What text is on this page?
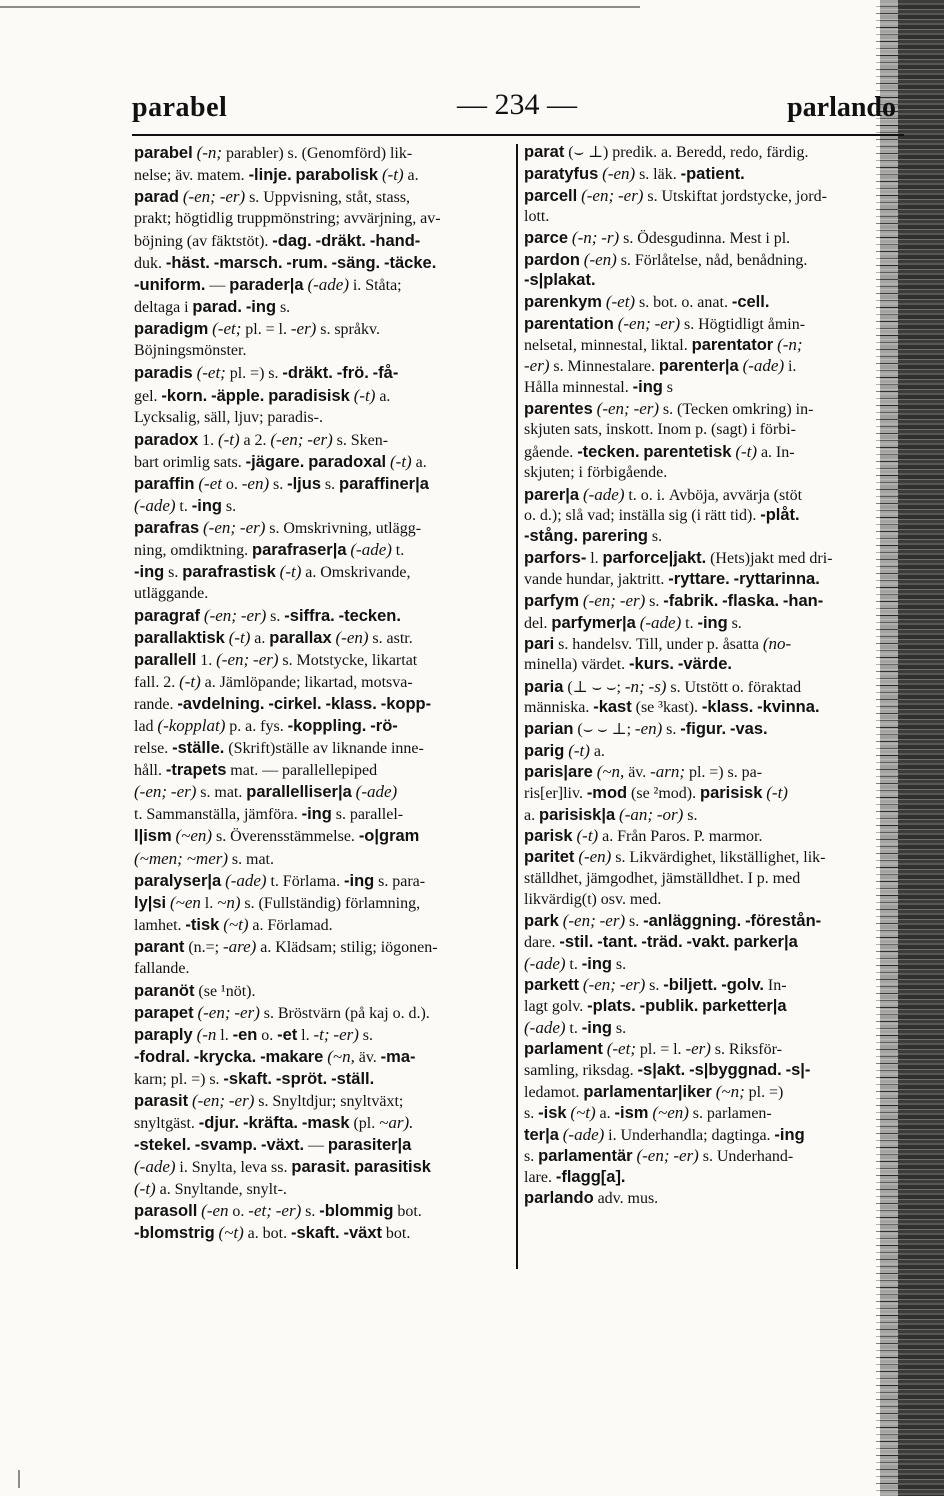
parabel	— 234 —	parlando
parabel (-n; parabler) s. (Genomförd) lik-
nelse; äv. matem. -linje. parabolisk (-t) a.
parad (-en; -er) s. Uppvisning, ståt, stass,
prakt; högtidlig truppmönstring; avvärjning, av-
böjning (av fäktstöt). -dag. -dräkt. -hand-
duk. -häst. -marsch. -rum. -säng. -täcke.
-uniform. — parader|a (-ade) i. Ståta;
deltaga i parad. -ing s.
paradigm (-et; pl. = l. -er) s. språkv.
Böjningsmönster.
paradis (-et; pl. =) s. -dräkt. -frö. -få-
gel. -korn. -äpple. paradisisk (-t) a.
Lycksalig, säll, ljuv; paradis-.
paradox 1. (-t) a 2. (-en; -er) s. Sken-
bart orimlig sats. -jägare. paradoxal (-t) a.
paraffin (-et o. -en) s. -ljus s. paraffiner|a
(-ade) t. -ing s.
parafras (-en; -er) s. Omskrivning, utlägg-
ning, omdiktning. parafraser|a (-ade) t.
-ing s. parafrastisk (-t) a. Omskrivande,
utläggande.
paragraf (-en; -er) s. -siffra. -tecken.
parallaktisk (-t) a. parallax (-en) s. astr.
parallell 1. (-en; -er) s. Motstycke, likartat
fall. 2. (-t) a. Jämlöpande; likartad, motsva-
rande. -avdelning. -cirkel. -klass. -kopp-
lad (-kopplat) p. a. fys. -koppling. -rö-
relse. -ställe. (Skrift)ställe av liknande inne-
håll. -trapets mat. — parallellepiped
(-en; -er) s. mat. parallelliser|a (-ade)
t. Sammanställa, jämföra. -ing s. parallel-
l|ism (~en) s. Överensstämmelse. -o|gram
(~men; ~mer) s. mat.
paralyser|a (-ade) t. Förlama. -ing s. para-
ly|si (~en l. ~n) s. (Fullständig) förlamning,
lamhet. -tisk (~t) a. Förlamad.
parant (n.=; -are) a. Klädsam; stilig; iögonen-
fallande.
paranöt (se ¹nöt).
parapet (-en; -er) s. Bröstvärn (på kaj o. d.).
paraply (-n l. -en o. -et l. -t; -er) s.
-fodral. -krycka. -makare (~n, äv. -ma-
karn; pl. =) s. -skaft. -spröt. -ställ.
parasit (-en; -er) s. Snyltdjur; snyltväxt;
snyltgäst. -djur. -kräfta. -mask (pl. ~ar).
-stekel. -svamp. -växt. — parasiter|a
(-ade) i. Snylta, leva ss. parasit. parasitisk
(-t) a. Snyltande, snylt-.
parasoll (-en o. -et; -er) s. -blommig bot.
-blomstrig (~t) a. bot. -skaft. -växt bot.
parat (⌣ ⊥) predik. a. Beredd, redo, färdig.
paratyfus (-en) s. läk. -patient.
parcell (-en; -er) s. Utskiftat jordstycke, jord-
lott.
parce (-n; -r) s. Ödesgudinna. Mest i pl.
pardon (-en) s. Förlåtelse, nåd, benådning.
-s|plakat.
parenkym (-et) s. bot. o. anat. -cell.
parentation (-en; -er) s. Högtidligt åmin-
nelsetal, minnestal, liktal. parentator (-n;
-er) s. Minnestalare. parenter|a (-ade) i.
Hålla minnestal. -ing s
parentes (-en; -er) s. (Tecken omkring) in-
skjuten sats, inskott. Inom p. (sagt) i förbi-
gående. -tecken. parentetisk (-t) a. In-
skjuten; i förbigående.
parer|a (-ade) t. o. i. Avböja, avvärja (stöt
o. d.); slå vad; inställa sig (i rätt tid). -plåt.
-stång. parering s.
parfors- l. parforce|jakt. (Hets)jakt med dri-
vande hundar, jaktritt. -ryttare. -ryttarinna.
parfym (-en; -er) s. -fabrik. -flaska. -han-
del. parfymer|a (-ade) t. -ing s.
pari s. handelsv. Till, under p. åsatta (no-
minella) värdet. -kurs. -värde.
paria (⊥ ⌣ ⌣; -n; -s) s. Utstött o. föraktad
människa. -kast (se ³kast). -klass. -kvinna.
parian (⌣ ⌣ ⊥; -en) s. -figur. -vas.
parig (-t) a.
paris|are (~n, äv. -arn; pl. =) s. pa-
ris[er]liv. -mod (se ²mod). parisisk (-t)
a. parisisk|a (-an; -or) s.
parisk (-t) a. Från Paros. P. marmor.
paritet (-en) s. Likvärdighet, likställighet, lik-
ställdhet, jämgodhet, jämställdhet. I p. med
likvärdig(t) osv. med.
park (-en; -er) s. -anläggning. -förestån-
dare. -stil. -tant. -träd. -vakt. parker|a
(-ade) t. -ing s.
parkett (-en; -er) s. -biljett. -golv. In-
lagt golv. -plats. -publik. parketter|a
(-ade) t. -ing s.
parlament (-et; pl. = l. -er) s. Riksför-
samling, riksdag. -s|akt. -s|byggnad. -s|-
ledamot. parlamentar|iker (~n; pl. =)
s. -isk (~t) a. -ism (~en) s. parlamen-
ter|a (-ade) i. Underhandla; dagtinga. -ing
s. parlamentär (-en; -er) s. Underhand-
lare. -flagg[a].
parlando adv. mus.
